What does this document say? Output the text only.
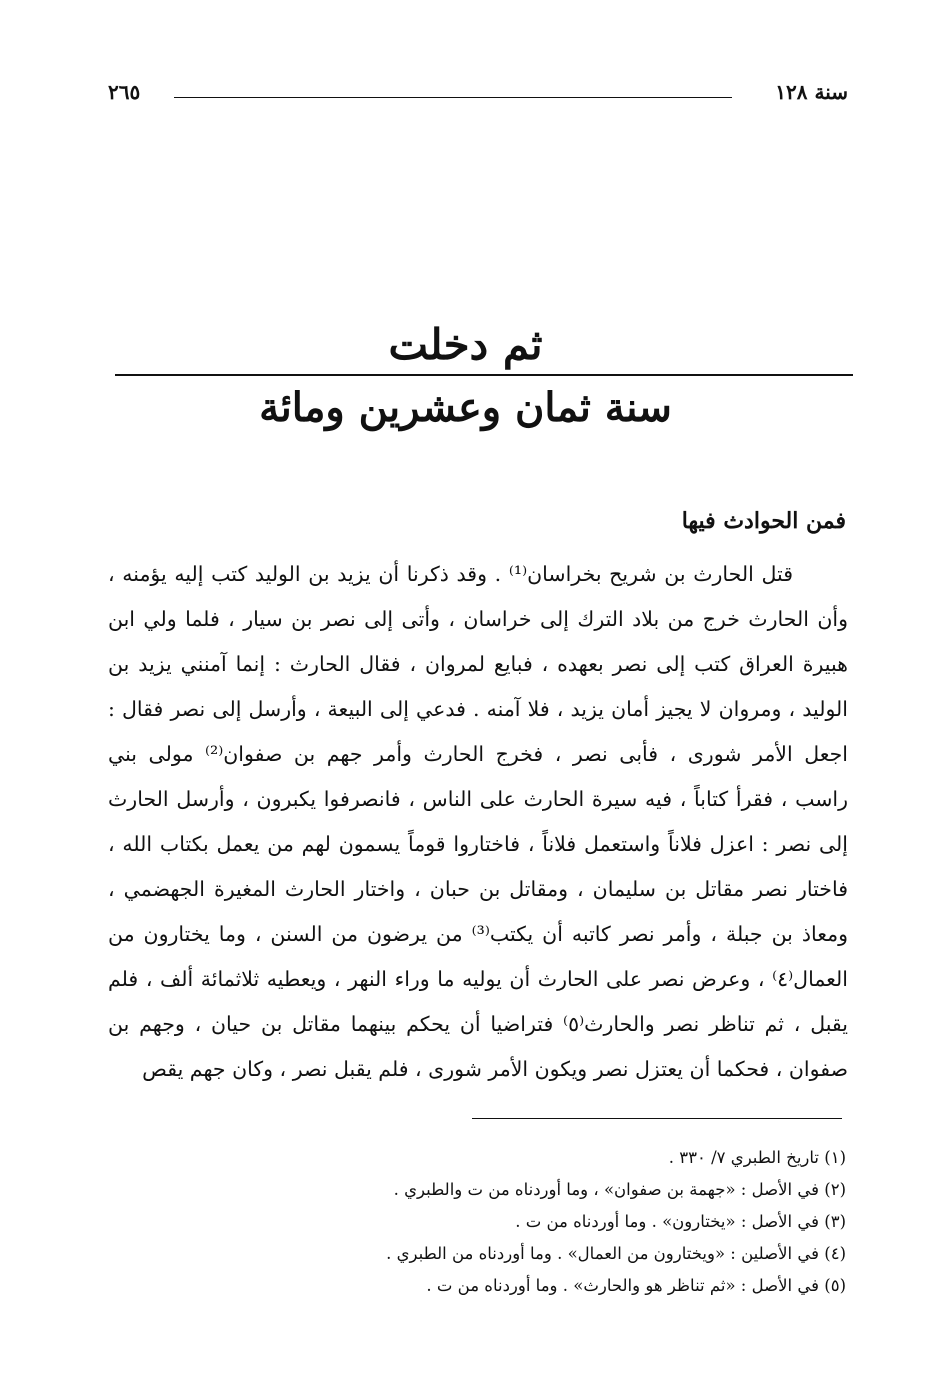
سنة ١٢٨
٢٦٥
ثم دخلت
سنة ثمان وعشرين ومائة
فمن الحوادث فيها
قتل الحارث بن شريح بخراسان⁽¹⁾ . وقد ذكرنا أن يزيد بن الوليد كتب إليه يؤمنه ،
وأن الحارث خرج من بلاد الترك إلى خراسان ، وأتى إلى نصر بن سيار ، فلما ولي ابن
هبيرة العراق كتب إلى نصر بعهده ، فبايع لمروان ، فقال الحارث : إنما آمنني يزيد بن
الوليد ، ومروان لا يجيز أمان يزيد ، فلا آمنه . فدعي إلى البيعة ، وأرسل إلى نصر فقال :
اجعل الأمر شورى ، فأبى نصر ، فخرج الحارث وأمر جهم بن صفوان⁽²⁾ مولى بني
راسب ، فقرأ كتاباً ، فيه سيرة الحارث على الناس ، فانصرفوا يكبرون ، وأرسل الحارث
إلى نصر : اعزل فلاناً واستعمل فلاناً ، فاختاروا قوماً يسمون لهم من يعمل بكتاب الله ،
فاختار نصر مقاتل بن سليمان ، ومقاتل بن حبان ، واختار الحارث المغيرة الجهضمي ،
ومعاذ بن جبلة ، وأمر نصر كاتبه أن يكتب⁽³⁾ من يرضون من السنن ، وما يختارون من
العمال⁽٤⁾ ، وعرض نصر على الحارث أن يوليه ما وراء النهر ، ويعطيه ثلاثمائة ألف ، فلم
يقبل ، ثم تناظر نصر والحارث⁽٥⁾ فتراضيا أن يحكم بينهما مقاتل بن حيان ، وجهم بن
صفوان ، فحكما أن يعتزل نصر ويكون الأمر شورى ، فلم يقبل نصر ، وكان جهم يقص
(١) تاريخ الطبري ٧/ ٣٣٠ .
(٢) في الأصل : «جهمة بن صفوان» ، وما أوردناه من ت والطبري .
(٣) في الأصل : «يختارون» . وما أوردناه من ت .
(٤) في الأصلين : «ويختارون من العمال» . وما أوردناه من الطبري .
(٥) في الأصل : «ثم تناظر هو والحارث» . وما أوردناه من ت .
